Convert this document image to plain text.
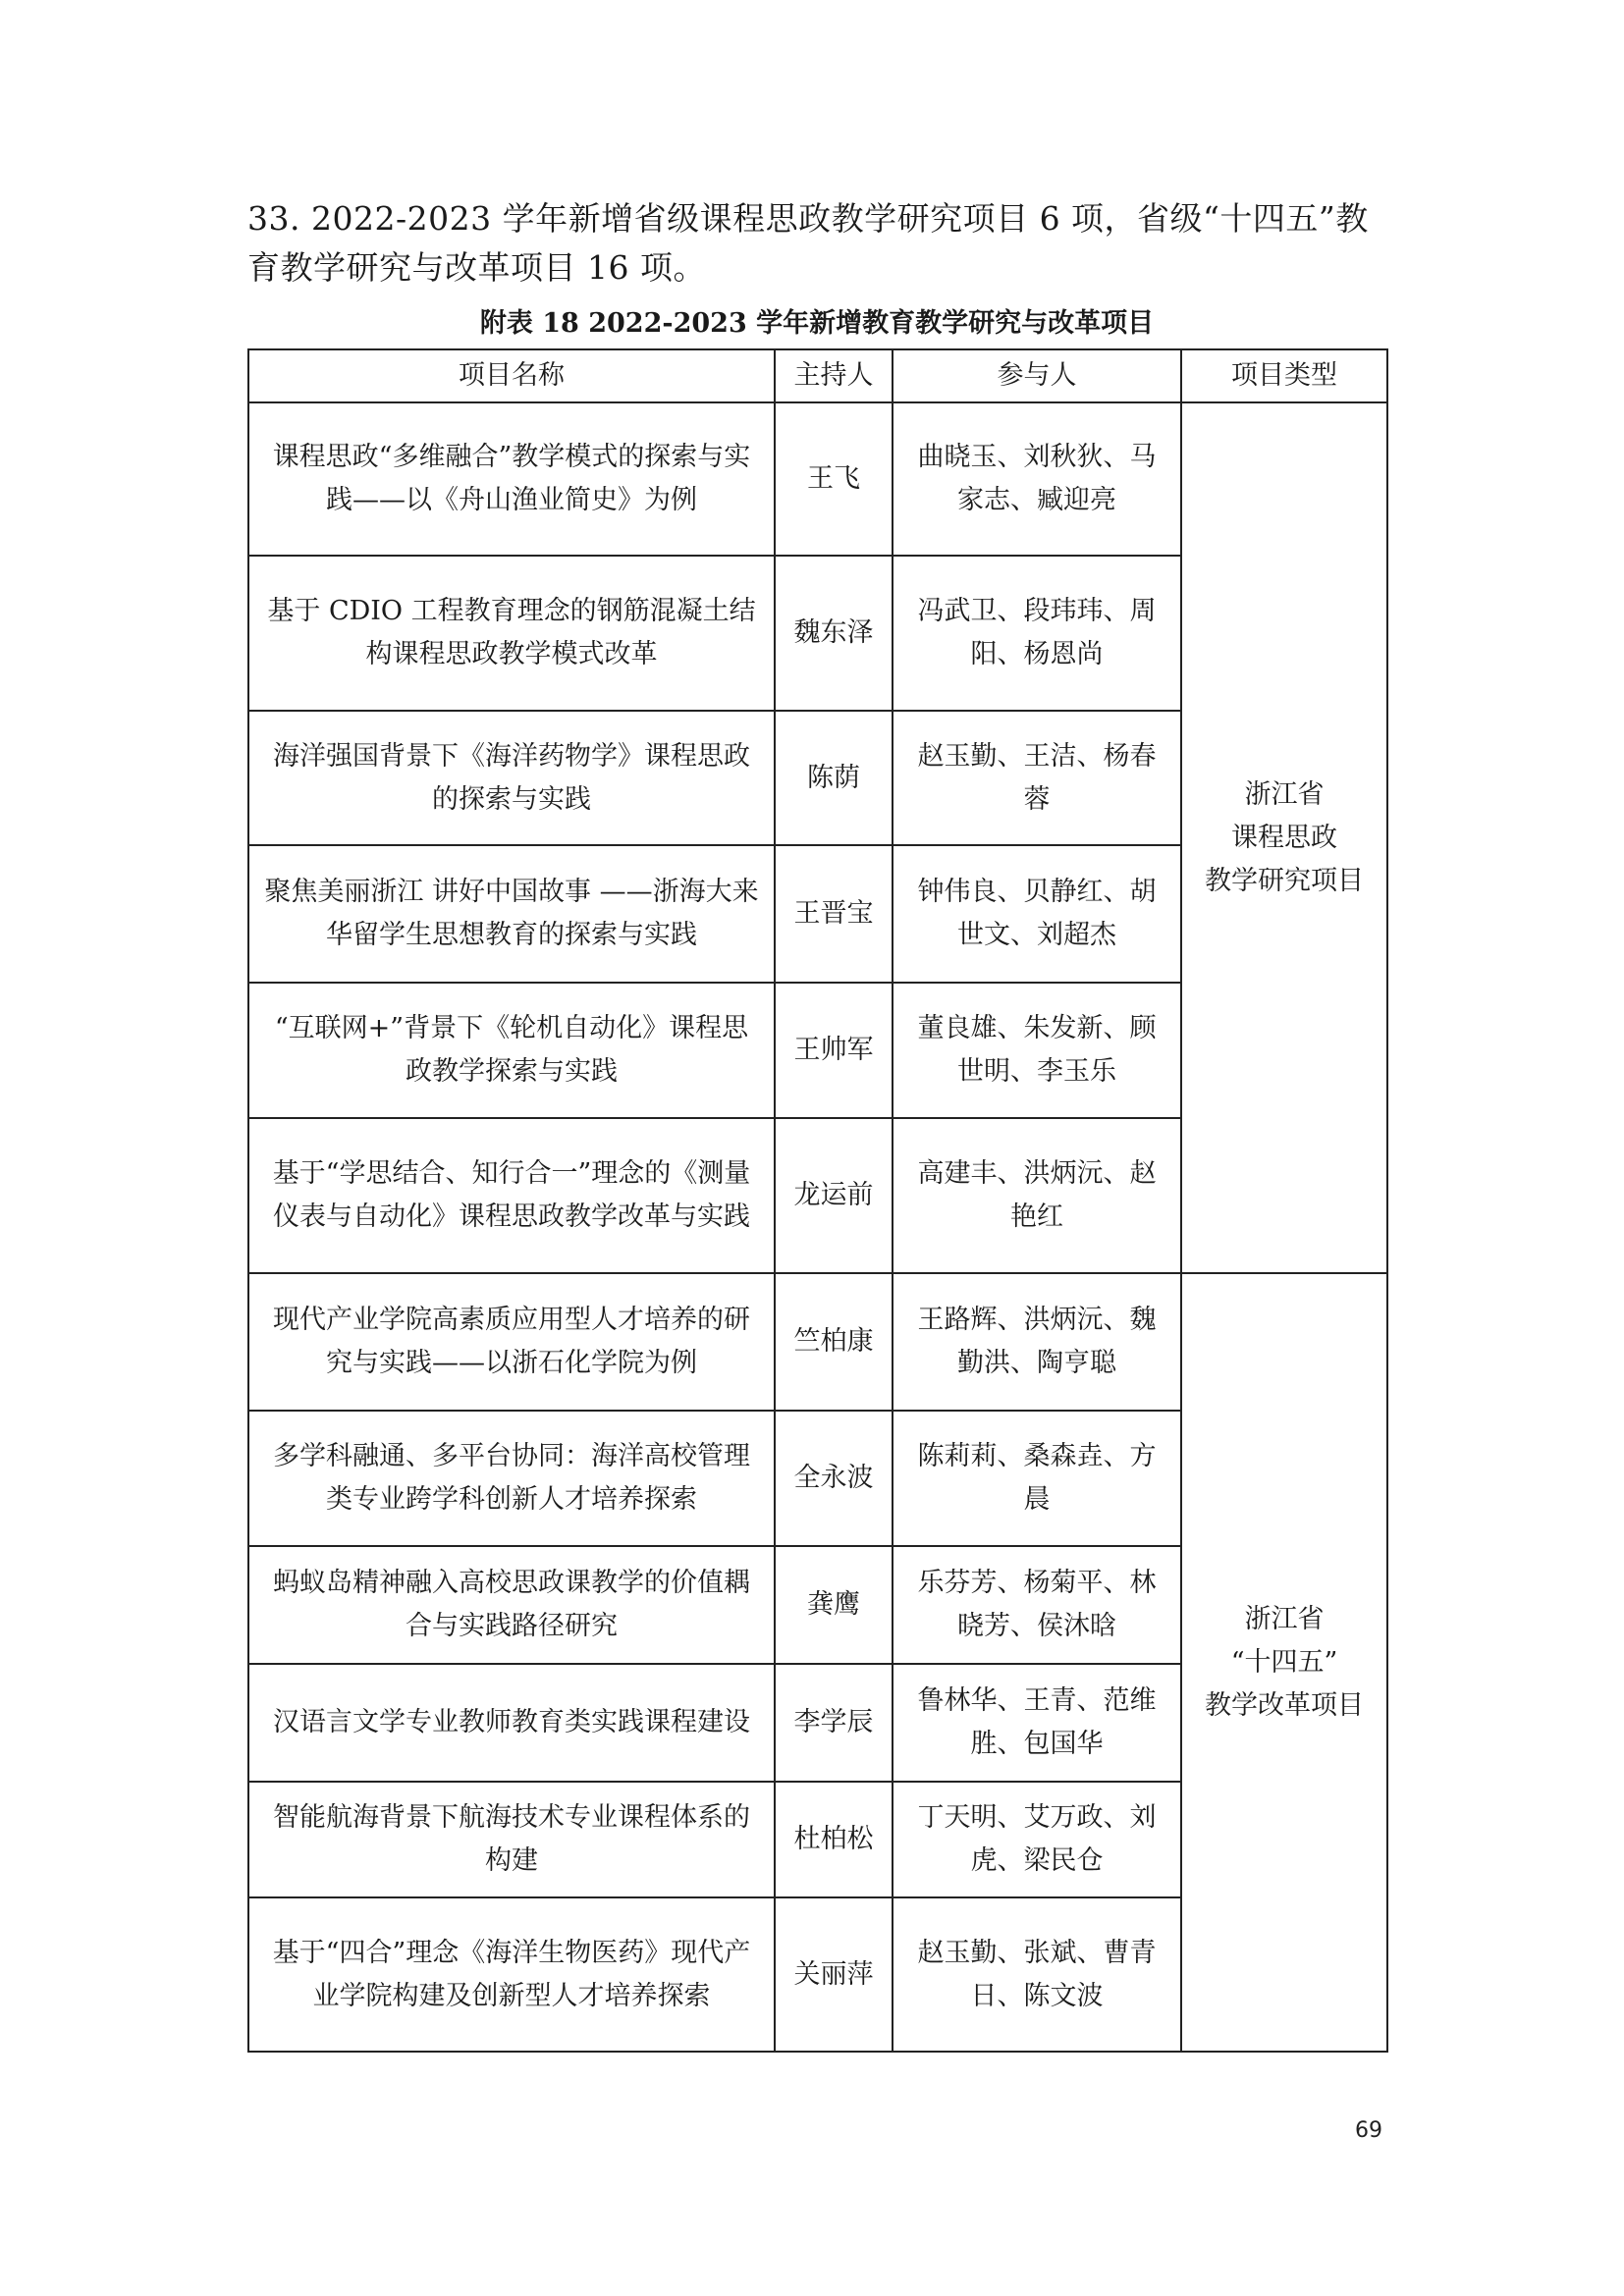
33. 2022-2023 学年新增省级课程思政教学研究项目 6 项，省级“十四五”教育教学研究与改革项目 16 项。
附表 18 2022-2023 学年新增教育教学研究与改革项目
项目名称	主持人	参与人	项目类型
课程思政“多维融合”教学模式的探索与实践——以《舟山渔业简史》为例	王飞	曲晓玉、刘秋狄、马家志、臧迎亮	浙江省
课程思政
教学研究项目
基于 CDIO 工程教育理念的钢筋混凝土结构课程思政教学模式改革	魏东泽	冯武卫、段玮玮、周阳、杨恩尚	
海洋强国背景下《海洋药物学》课程思政的探索与实践	陈荫	赵玉勤、王洁、杨春蓉	
聚焦美丽浙江 讲好中国故事 ——浙海大来华留学生思想教育的探索与实践	王晋宝	钟伟良、贝静红、胡世文、刘超杰	
“互联网+”背景下《轮机自动化》课程思政教学探索与实践	王帅军	董良雄、朱发新、顾世明、李玉乐	
基于“学思结合、知行合一”理念的《测量仪表与自动化》课程思政教学改革与实践	龙运前	高建丰、洪炳沅、赵艳红	
现代产业学院高素质应用型人才培养的研究与实践——以浙石化学院为例	竺柏康	王路辉、洪炳沅、魏勤洪、陶亨聪	浙江省
“十四五”
教学改革项目
多学科融通、多平台协同：海洋高校管理类专业跨学科创新人才培养探索	全永波	陈莉莉、桑森垚、方晨	
蚂蚁岛精神融入高校思政课教学的价值耦合与实践路径研究	龚鹰	乐芬芳、杨菊平、林晓芳、侯沐晗	
汉语言文学专业教师教育类实践课程建设	李学辰	鲁林华、王青、范维胜、包国华	
智能航海背景下航海技术专业课程体系的构建	杜柏松	丁天明、艾万政、刘虎、梁民仓	
基于“四合”理念《海洋生物医药》现代产业学院构建及创新型人才培养探索	关丽萍	赵玉勤、张斌、曹青日、陈文波	
69
